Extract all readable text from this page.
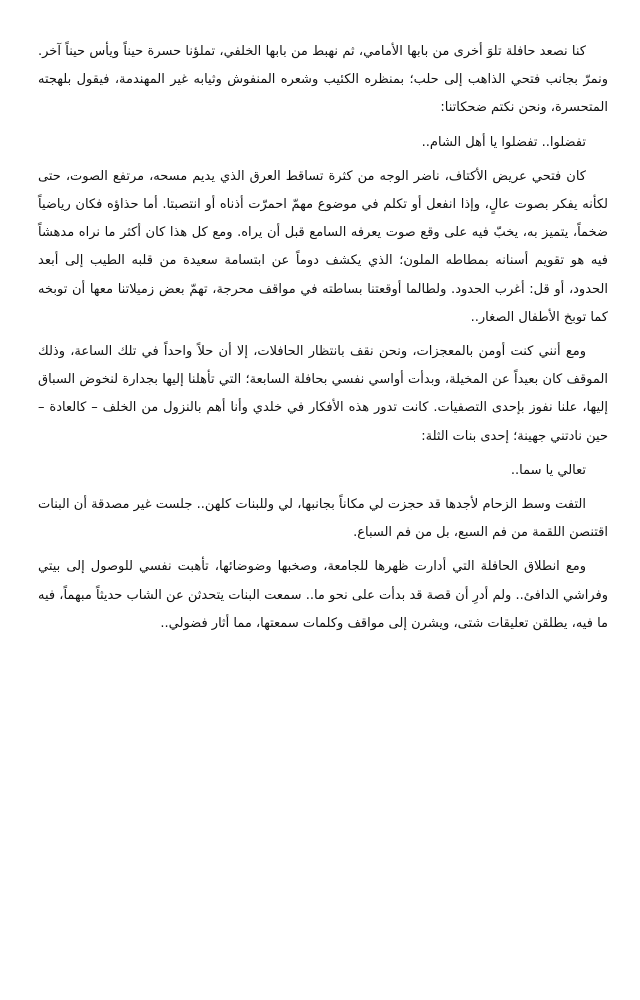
كنا نصعد حافلة تلوَ أخرى من بابها الأمامي، ثم نهبط من بابها الخلفي، تملؤنا حسرة حيناً ويأس حيناً آخر. ونمرّ بجانب فتحي الذاهب إلى حلب؛ بمنظره الكئيب وشعره المنفوش وثيابه غير المهندمة، فيقول بلهجته المتحسرة، ونحن نكتم ضحكاتنا:

تفضلوا.. تفضلوا يا أهل الشام..

كان فتحي عريض الأكتاف، ناضر الوجه من كثرة تساقط العرق الذي يديم مسحه، مرتفع الصوت، حتى لكأنه يفكر بصوت عالٍ، وإذا انفعل أو تكلم في موضوع مهمّ احمرّت أذناه أو انتصبتا. أما حذاؤه فكان رياضياً ضخماً، يتميز به، يخبّ فيه على وقع صوت يعرفه السامع قبل أن يراه. ومع كل هذا كان أكثر ما نراه مدهشاً فيه هو تقويم أسنانه بمطاطه الملون؛ الذي يكشف دوماً عن ابتسامة سعيدة من قلبه الطيب إلى أبعد الحدود، أو قل: أغرب الحدود. ولطالما أوقعتنا بساطته في مواقف محرجة، تهمّ بعض زميلاتنا معها أن توبخه كما توبخ الأطفال الصغار..

ومع أنني كنت أومن بالمعجزات، ونحن نقف بانتظار الحافلات، إلا أن حلاً واحداً في تلك الساعة، وذلك الموقف كان بعيداً عن المخيلة، وبدأت أواسي نفسي بحافلة السابعة؛ التي تأهلنا إليها بجدارة لنخوض السباق إليها، علنا نفوز بإحدى التصفيات. كانت تدور هذه الأفكار في خلدي وأنا أهم بالنزول من الخلف – كالعادة – حين نادتني جهينة؛ إحدى بنات الثلة:

تعالي يا سما..

التفت وسط الزحام لأجدها قد حجزت لي مكاناً بجانبها، لي وللبنات كلهن.. جلست غير مصدقة أن البنات اقتنصن اللقمة من فم السبع، بل من فم السباع.

ومع انطلاق الحافلة التي أدارت ظهرها للجامعة، وصخبها وضوضائها، تأهبت نفسي للوصول إلى بيتي وفراشي الدافئ.. ولم أدرِ أن قصة قد بدأت على نحو ما.. سمعت البنات يتحدثن عن الشاب حديثاً مبهماً، فيه ما فيه، يطلقن تعليقات شتى، ويشرن إلى مواقف وكلمات سمعتها، مما أثار فضولي..
